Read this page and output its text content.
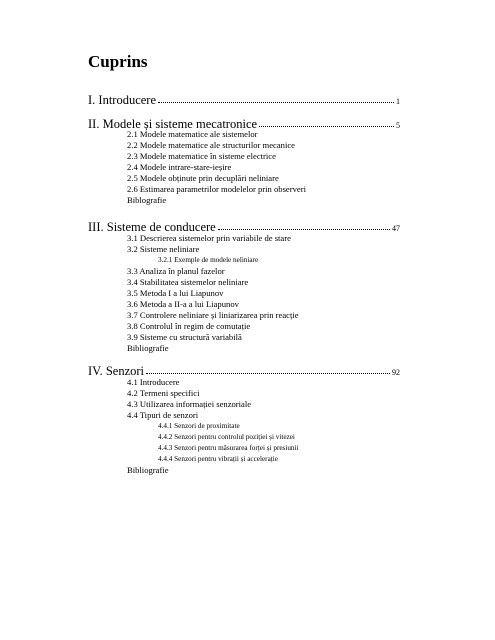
Cuprins
I. Introducere	1
II. Modele și sisteme mecatronice	5
2.1 Modele matematice ale sistemelor
2.2 Modele matematice ale structurilor mecanice
2.3 Modele matematice în sisteme electrice
2.4 Modele intrare-stare-ieșire
2.5 Modele obținute prin decuplări neliniare
2.6 Estimarea parametrilor modelelor prin observeri
Biblografie
III. Sisteme de conducere	47
3.1 Descrierea sistemelor prin variabile de stare
3.2 Sisteme neliniare
3.2.1 Exemple de modele neliniare
3.3 Analiza în planul fazelor
3.4 Stabilitatea sistemelor neliniare
3.5 Metoda I a lui Liapunov
3.6 Metoda a II-a a lui Liapunov
3.7 Controlere neliniare și liniarizarea prin reacție
3.8 Controlul în regim de comutație
3.9 Sisteme cu structură variabilă
Bibliografie
IV. Senzori	92
4.1 Introducere
4.2 Termeni specifici
4.3 Utilizarea informației senzoriale
4.4 Tipuri de senzori
4.4.1 Senzori de proximitate
4.4.2 Senzori pentru controlul poziției și vitezei
4.4.3 Senzori pentru măsurarea forței și presiunii
4.4.4 Senzori pentru vibrații și accelerație
Bibliografie
